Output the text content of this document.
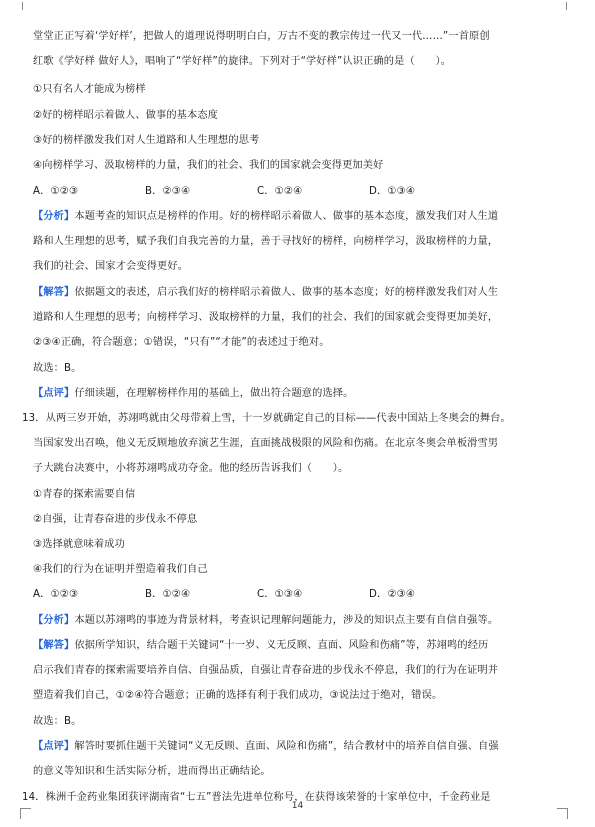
堂堂正正写着‘学好样’，把做人的道理说得明明白白，万古不变的教宗传过一代又一代……”一首原创
红歌《学好样 做好人》，唱响了“学好样”的旋律。下列对于“学好样”认识正确的是（　　）。
①只有名人才能成为榜样
②好的榜样昭示着做人、做事的基本态度
③好的榜样激发我们对人生道路和人生理想的思考
④向榜样学习、汲取榜样的力量，我们的社会、我们的国家就会变得更加美好
A．①②③	B．②③④	C．①②④	D．①③④
【分析】本题考查的知识点是榜样的作用。好的榜样昭示着做人、做事的基本态度，激发我们对人生道
路和人生理想的思考，赋予我们自我完善的力量，善于寻找好的榜样，向榜样学习，汲取榜样的力量，
我们的社会、国家才会变得更好。
【解答】依据题文的表述，启示我们好的榜样昭示着做人、做事的基本态度；好的榜样激发我们对人生
道路和人生理想的思考；向榜样学习、汲取榜样的力量，我们的社会、我们的国家就会变得更加美好，
②③④正确，符合题意；①错误，“只有”“才能”的表述过于绝对。
故选：B。
【点评】仔细读题，在理解榜样作用的基础上，做出符合题意的选择。
13．从两三岁开始，苏翊鸣就由父母带着上雪，十一岁就确定自己的目标——代表中国站上冬奥会的舞台。
当国家发出召唤，他义无反顾地放弃演艺生涯，直面挑战极限的风险和伤痛。在北京冬奥会单板滑雪男
子大跳台决赛中，小将苏翊鸣成功夺金。他的经历告诉我们（　　）。
①青春的探索需要自信
②自强，让青春奋进的步伐永不停息
③选择就意味着成功
④我们的行为在证明并塑造着我们自己
A．①②③	B．①②④	C．①③④	D．②③④
【分析】本题以苏翊鸣的事迹为背景材料，考查识记理解问题能力，涉及的知识点主要有自信自强等。
【解答】依据所学知识，结合题干关键词“十一岁、义无反顾、直面、风险和伤痛”等，苏翊鸣的经历
启示我们青春的探索需要培养自信、自强品质，自强让青春奋进的步伐永不停息，我们的行为在证明并
塑造着我们自己，①②④符合题意；正确的选择有利于我们成功，③说法过于绝对，错误。
故选：B。
【点评】解答时要抓住题干关键词“义无反顾、直面、风险和伤痛”，结合教材中的培养自信自强、自强
的意义等知识和生活实际分析，进而得出正确结论。
14．株洲千金药业集团获评湖南省“七五”普法先进单位称号，在获得该荣誉的十家单位中，千金药业是
14
